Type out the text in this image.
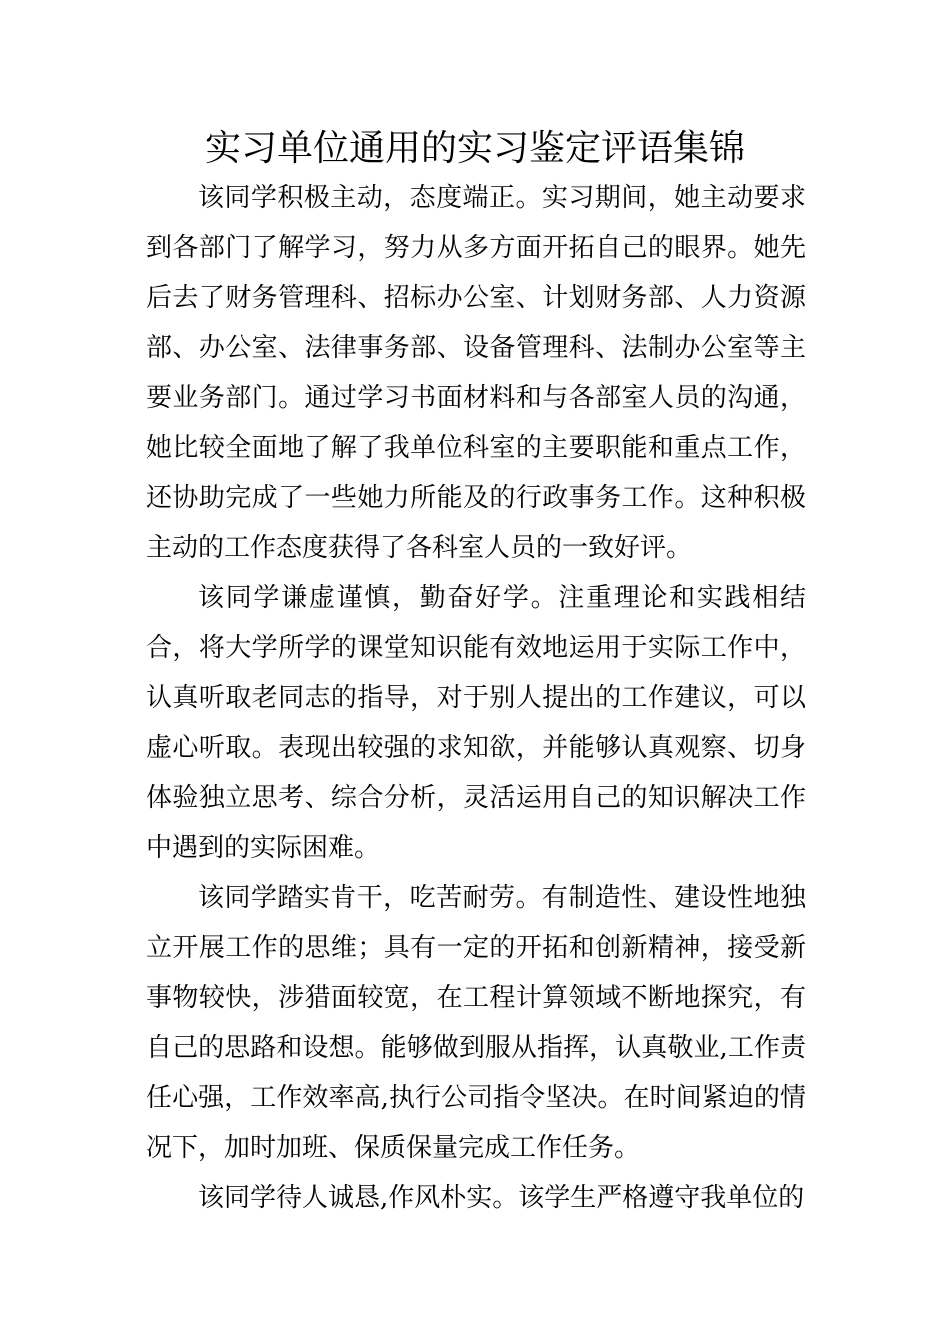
实习单位通用的实习鉴定评语集锦

该同学积极主动，态度端正。实习期间，她主动要求到各部门了解学习，努力从多方面开拓自己的眼界。她先后去了财务管理科、招标办公室、计划财务部、人力资源部、办公室、法律事务部、设备管理科、法制办公室等主要业务部门。通过学习书面材料和与各部室人员的沟通，她比较全面地了解了我单位科室的主要职能和重点工作，还协助完成了一些她力所能及的行政事务工作。这种积极主动的工作态度获得了各科室人员的一致好评。

该同学谦虚谨慎，勤奋好学。注重理论和实践相结合，将大学所学的课堂知识能有效地运用于实际工作中，认真听取老同志的指导，对于别人提出的工作建议，可以虚心听取。表现出较强的求知欲，并能够认真观察、切身体验独立思考、综合分析，灵活运用自己的知识解决工作中遇到的实际困难。

该同学踏实肯干，吃苦耐劳。有制造性、建设性地独立开展工作的思维；具有一定的开拓和创新精神，接受新事物较快，涉猎面较宽，在工程计算领域不断地探究，有自己的思路和设想。能够做到服从指挥，认真敬业,工作责任心强，工作效率高,执行公司指令坚决。在时间紧迫的情况下，加时加班、保质保量完成工作任务。

该同学待人诚恳,作风朴实。该学生严格遵守我单位的
